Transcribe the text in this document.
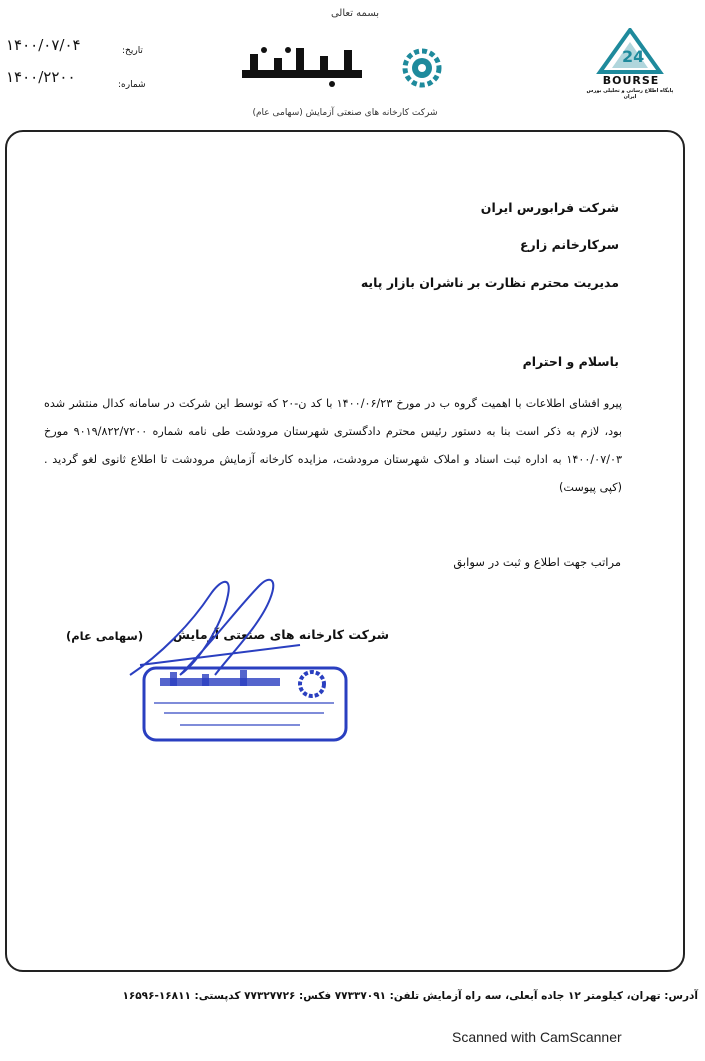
بسمه تعالی
شرکت کارخانه های صنعتی آزمایش (سهامی عام)
تاریخ:
شماره:
۱۴۰۰/۰۷/۰۴
۱۴۰۰/۲۲۰۰
24
BOURSE
پایگاه اطلاع رسانی و تحلیلی بورس ایران
شرکت فرابورس ایران
سرکارخانم زارع
مدیریت محترم نظارت بر ناشران بازار پایه
باسلام و احترام
پیرو افشای اطلاعات با اهمیت گروه ب در مورخ ۱۴۰۰/۰۶/۲۳ با کد ن-۲۰ که توسط این شرکت در سامانه کدال منتشر شده بود، لازم به ذکر است بنا به دستور رئیس محترم دادگستری شهرستان مرودشت طی نامه شماره ۹۰۱۹/۸۲۲/۷۲۰۰ مورخ ۱۴۰۰/۰۷/۰۳ به اداره ثبت اسناد و املاک شهرستان مرودشت، مزایده کارخانه آزمایش مرودشت تا اطلاع ثانوی لغو گردید .(کپی پیوست)
مراتب جهت اطلاع و ثبت در سوابق
شرکت کارخانه های صنعتی آزمایش
(سهامی عام)
آدرس: تهران، کیلومتر ۱۲ جاده آبعلی، سه راه آزمایش تلفن: ۷۷۳۳۷۰۹۱ فکس: ۷۷۳۲۷۷۲۶ کدپستی: ۱۶۸۱۱-۱۶۵۹۶
Scanned with CamScanner
